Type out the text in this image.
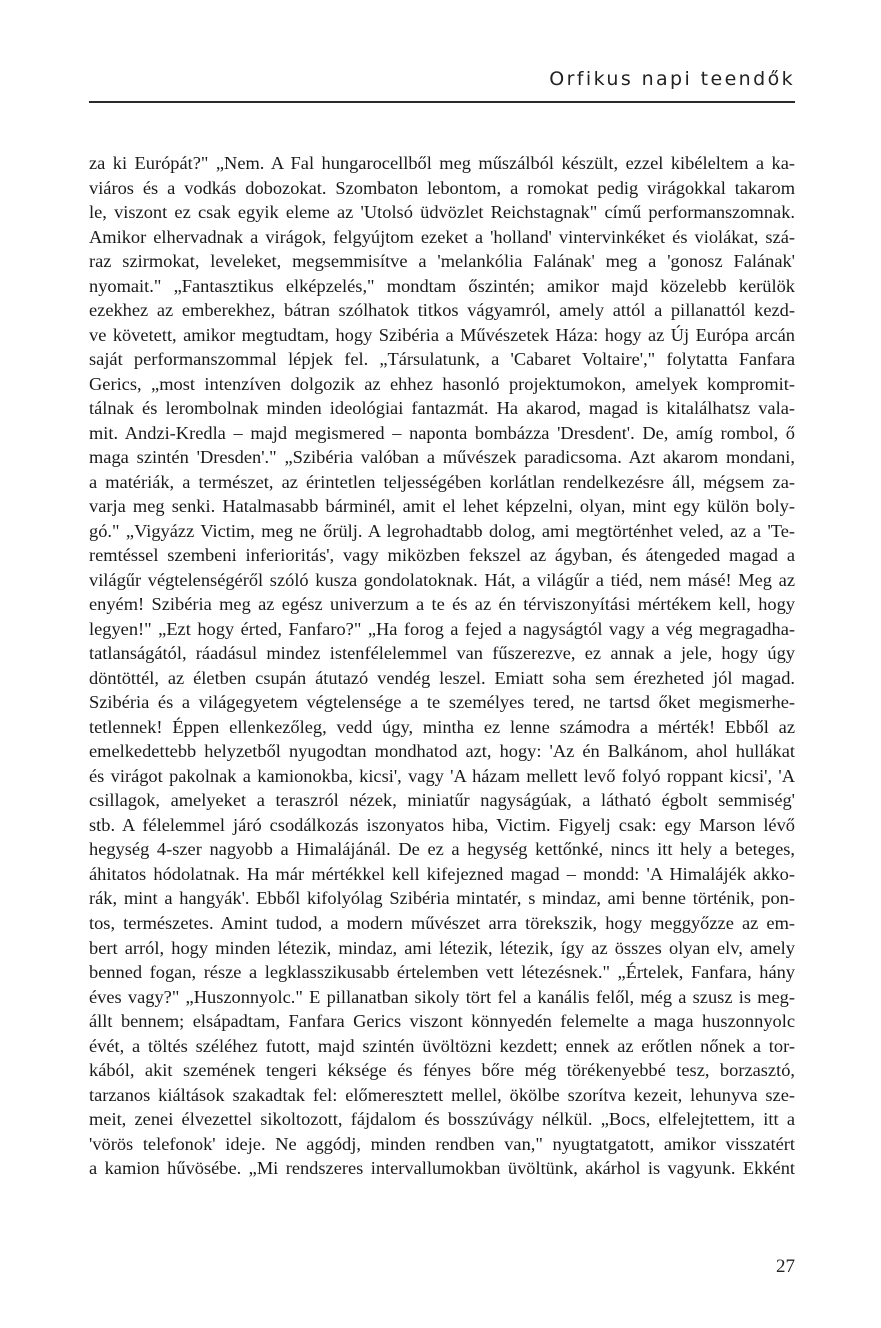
Orfikus napi teendők
za ki Európát?" „Nem. A Fal hungarocellből meg műszálból készült, ezzel kibéleltem a ka-
viáros és a vodkás dobozokat. Szombaton lebontom, a romokat pedig virágokkal takarom
le, viszont ez csak egyik eleme az 'Utolsó üdvözlet Reichstagnak" című performanszomnak.
Amikor elhervadnak a virágok, felgyújtom ezeket a 'holland' vintervinkéket és violákat, szá-
raz szirmokat, leveleket, megsemmisítve a 'melankólia Falának' meg a 'gonosz Falának'
nyomait." „Fantasztikus elképzelés," mondtam őszintén; amikor majd közelebb kerülök
ezekhez az emberekhez, bátran szólhatok titkos vágyamról, amely attól a pillanattól kezd-
ve követett, amikor megtudtam, hogy Szibéria a Művészetek Háza: hogy az Új Európa arcán
saját performanszommal lépjek fel. „Társulatunk, a 'Cabaret Voltaire'," folytatta Fanfara
Gerics, „most intenzíven dolgozik az ehhez hasonló projektumokon, amelyek kompromit-
tálnak és lerombolnak minden ideológiai fantazmát. Ha akarod, magad is kitalálhatsz vala-
mit. Andzi-Kredla – majd megismered – naponta bombázza 'Dresdent'. De, amíg rombol, ő
maga szintén 'Dresden'." „Szibéria valóban a művészek paradicsoma. Azt akarom mondani,
a matériák, a természet, az érintetlen teljességében korlátlan rendelkezésre áll, mégsem za-
varja meg senki. Hatalmasabb bárminél, amit el lehet képzelni, olyan, mint egy külön boly-
gó." „Vigyázz Victim, meg ne őrülj. A legrohadtabb dolog, ami megtörténhet veled, az a 'Te-
remtéssel szembeni inferioritás', vagy miközben fekszel az ágyban, és átengeded magad a
világűr végtelenségéről szóló kusza gondolatoknak. Hát, a világűr a tiéd, nem másé! Meg az
enyém! Szibéria meg az egész univerzum a te és az én térviszonyítási mértékem kell, hogy
legyen!" „Ezt hogy érted, Fanfaro?" „Ha forog a fejed a nagyságtól vagy a vég megragadha-
tatlanságától, ráadásul mindez istenfélelemmel van fűszerezve, ez annak a jele, hogy úgy
döntöttél, az életben csupán átutazó vendég leszel. Emiatt soha sem érezheted jól magad.
Szibéria és a világegyetem végtelensége a te személyes tered, ne tartsd őket megismerhe-
tetlennek! Éppen ellenkezőleg, vedd úgy, mintha ez lenne számodra a mérték! Ebből az
emelkedettebb helyzetből nyugodtan mondhatod azt, hogy: 'Az én Balkánom, ahol hullákat
és virágot pakolnak a kamionokba, kicsi', vagy 'A házam mellett levő folyó roppant kicsi', 'A
csillagok, amelyeket a teraszról nézek, miniatűr nagyságúak, a látható égbolt semmiség'
stb. A félelemmel járó csodálkozás iszonyatos hiba, Victim. Figyelj csak: egy Marson lévő
hegység 4-szer nagyobb a Himalájánál. De ez a hegység kettőnké, nincs itt hely a beteges,
áhitatos hódolatnak. Ha már mértékkel kell kifejezned magad – mondd: 'A Himalájék akko-
rák, mint a hangyák'. Ebből kifolyólag Szibéria mintatér, s mindaz, ami benne történik, pon-
tos, természetes. Amint tudod, a modern művészet arra törekszik, hogy meggyőzze az em-
bert arról, hogy minden létezik, mindaz, ami létezik, létezik, így az összes olyan elv, amely
benned fogan, része a legklasszikusabb értelemben vett létezésnek." „Értelek, Fanfara, hány
éves vagy?" „Huszonnyolc." E pillanatban sikoly tört fel a kanális felől, még a szusz is meg-
állt bennem; elsápadtam, Fanfara Gerics viszont könnyedén felemelte a maga huszonnyolc
évét, a töltés széléhez futott, majd szintén üvöltözni kezdett; ennek az erőtlen nőnek a tor-
kából, akit szemének tengeri kéksége és fényes bőre még törékenyebbé tesz, borzasztó,
tarzanos kiáltások szakadtak fel: előmeresztett mellel, ökölbe szorítva kezeit, lehunyva sze-
meit, zenei élvezettel sikoltozott, fájdalom és bosszúvágy nélkül. „Bocs, elfelejtettem, itt a
'vörös telefonok' ideje. Ne aggódj, minden rendben van," nyugtatgatott, amikor visszatért
a kamion hűvösébe. „Mi rendszeres intervallumokban üvöltünk, akárhol is vagyunk. Ekként
27
